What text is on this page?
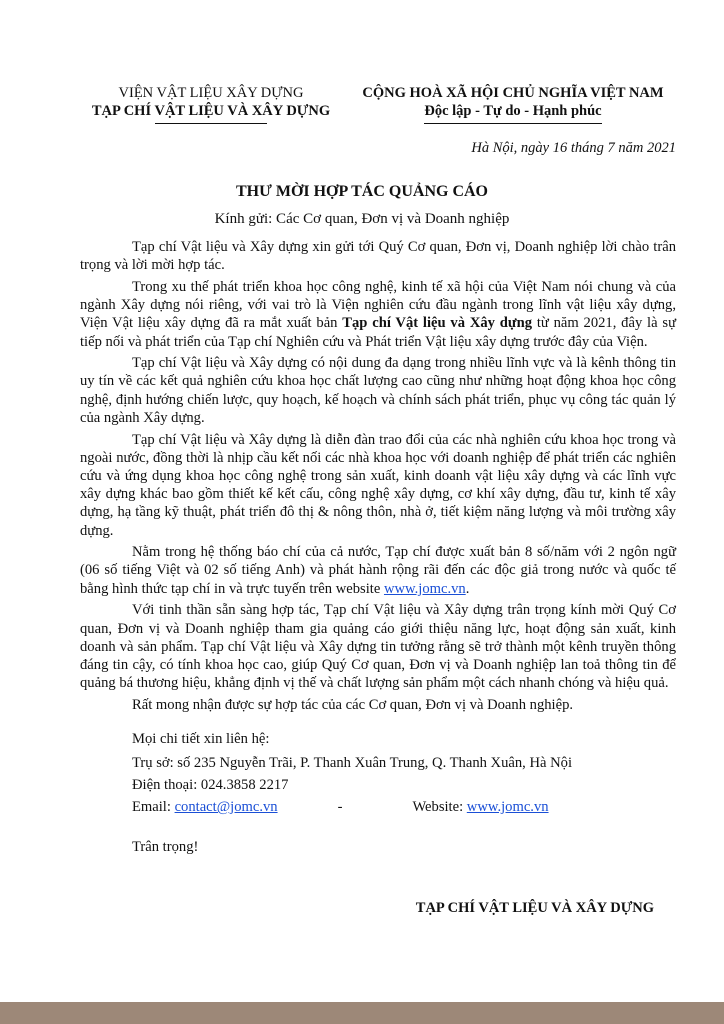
VIỆN VẬT LIỆU XÂY DỰNG
TẠP CHÍ VẬT LIỆU VÀ XÂY DỰNG
CỘNG HOÀ XÃ HỘI CHỦ NGHĨA VIỆT NAM
Độc lập - Tự do - Hạnh phúc
Hà Nội, ngày 16 tháng 7 năm 2021
THƯ MỜI HỢP TÁC QUẢNG CÁO
Kính gửi: Các Cơ quan, Đơn vị và Doanh nghiệp

Tạp chí Vật liệu và Xây dựng xin gửi tới Quý Cơ quan, Đơn vị, Doanh nghiệp lời chào trân trọng và lời mời hợp tác.

Trong xu thế phát triển khoa học công nghệ, kinh tế xã hội của Việt Nam nói chung và của ngành Xây dựng nói riêng, với vai trò là Viện nghiên cứu đầu ngành trong lĩnh vật liệu xây dựng, Viện Vật liệu xây dựng đã ra mắt xuất bản Tạp chí Vật liệu và Xây dựng từ năm 2021, đây là sự tiếp nối và phát triển của Tạp chí Nghiên cứu và Phát triển Vật liệu xây dựng trước đây của Viện.

Tạp chí Vật liệu và Xây dựng có nội dung đa dạng trong nhiều lĩnh vực và là kênh thông tin uy tín về các kết quả nghiên cứu khoa học chất lượng cao cũng như những hoạt động khoa học công nghệ, định hướng chiến lược, quy hoạch, kế hoạch và chính sách phát triển, phục vụ công tác quản lý của ngành Xây dựng.

Tạp chí Vật liệu và Xây dựng là diễn đàn trao đổi của các nhà nghiên cứu khoa học trong và ngoài nước, đồng thời là nhịp cầu kết nối các nhà khoa học với doanh nghiệp để phát triển các nghiên cứu và ứng dụng khoa học công nghệ trong sản xuất, kinh doanh vật liệu xây dựng và các lĩnh vực xây dựng khác bao gồm thiết kế kết cấu, công nghệ xây dựng, cơ khí xây dựng, đầu tư, kinh tế xây dựng, hạ tầng kỹ thuật, phát triển đô thị & nông thôn, nhà ở, tiết kiệm năng lượng và môi trường xây dựng.

Nằm trong hệ thống báo chí của cả nước, Tạp chí được xuất bản 8 số/năm với 2 ngôn ngữ (06 số tiếng Việt và 02 số tiếng Anh) và phát hành rộng rãi đến các độc giả trong nước và quốc tế bằng hình thức tạp chí in và trực tuyến trên website www.jomc.vn.

Với tinh thần sẵn sàng hợp tác, Tạp chí Vật liệu và Xây dựng trân trọng kính mời Quý Cơ quan, Đơn vị và Doanh nghiệp tham gia quảng cáo giới thiệu năng lực, hoạt động sản xuất, kinh doanh và sản phẩm. Tạp chí Vật liệu và Xây dựng tin tưởng rằng sẽ trở thành một kênh truyền thông đáng tin cậy, có tính khoa học cao, giúp Quý Cơ quan, Đơn vị và Doanh nghiệp lan toả thông tin để quảng bá thương hiệu, khẳng định vị thế và chất lượng sản phẩm một cách nhanh chóng và hiệu quả.

Rất mong nhận được sự hợp tác của các Cơ quan, Đơn vị và Doanh nghiệp.

Mọi chi tiết xin liên hệ:
Trụ sở: số 235 Nguyễn Trãi, P. Thanh Xuân Trung, Q. Thanh Xuân, Hà Nội
Điện thoại: 024.3858 2217
Email: contact@jomc.vn	-	Website: www.jomc.vn
Trân trọng!
TẠP CHÍ VẬT LIỆU VÀ XÂY DỰNG
